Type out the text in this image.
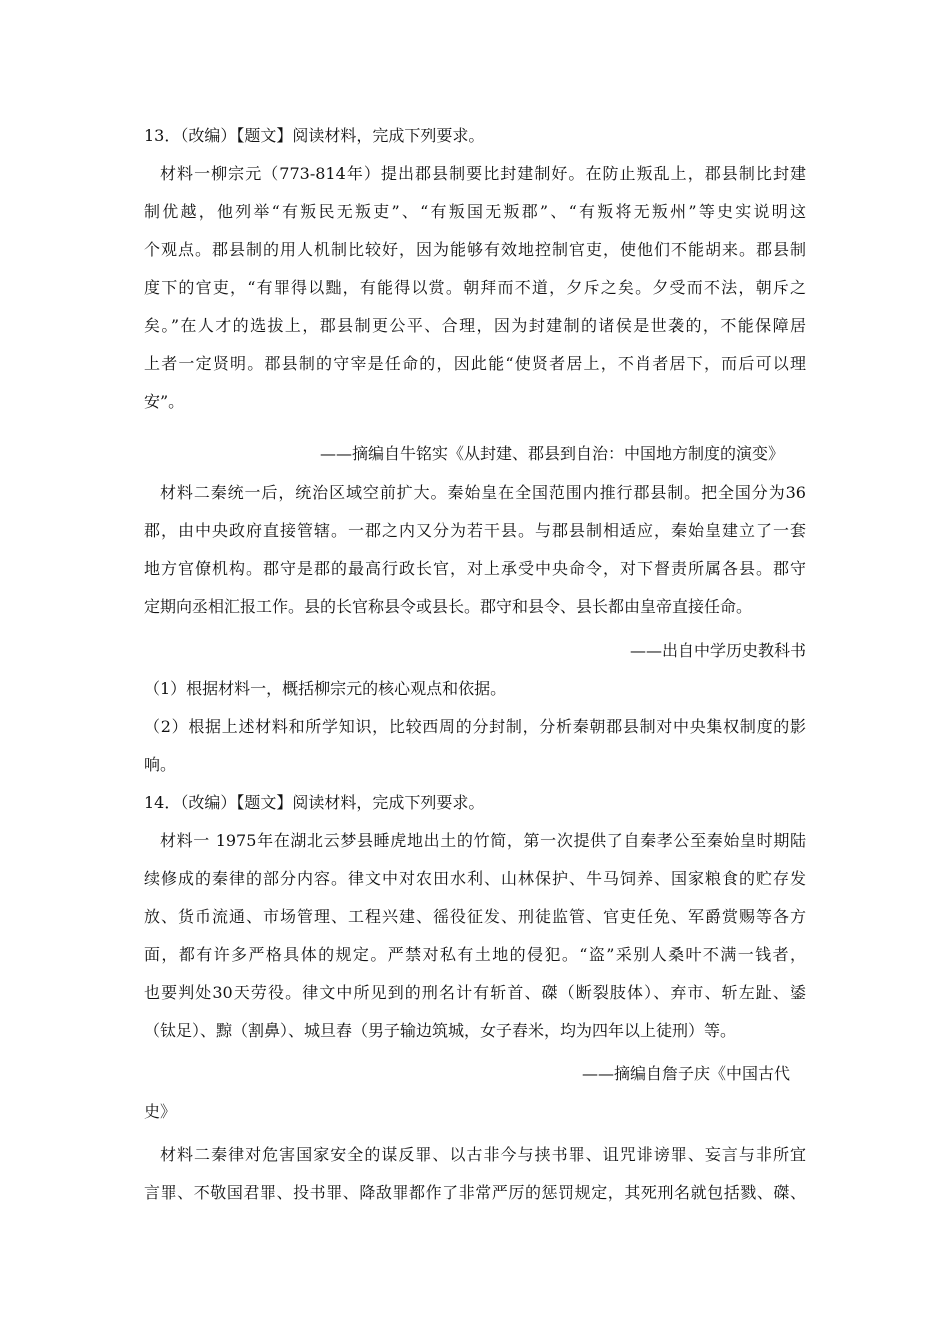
13．（改编）【题文】阅读材料，完成下列要求。
材料一柳宗元（773-814年）提出郡县制要比封建制好。在防止叛乱上，郡县制比封建
制优越，他列举“有叛民无叛吏”、“有叛国无叛郡”、“有叛将无叛州”等史实说明这
个观点。郡县制的用人机制比较好，因为能够有效地控制官吏，使他们不能胡来。郡县制
度下的官吏，“有罪得以黜，有能得以赏。朝拜而不道，夕斥之矣。夕受而不法，朝斥之
矣。”在人才的选拔上，郡县制更公平、合理，因为封建制的诸侯是世袭的，不能保障居
上者一定贤明。郡县制的守宰是任命的，因此能“使贤者居上，不肖者居下，而后可以理
安”。
——摘编自牛铭实《从封建、郡县到自治：中国地方制度的演变》
材料二秦统一后，统治区域空前扩大。秦始皇在全国范围内推行郡县制。把全国分为36
郡，由中央政府直接管辖。一郡之内又分为若干县。与郡县制相适应，秦始皇建立了一套
地方官僚机构。郡守是郡的最高行政长官，对上承受中央命令，对下督责所属各县。郡守
定期向丞相汇报工作。县的长官称县令或县长。郡守和县令、县长都由皇帝直接任命。
——出自中学历史教科书
（1）根据材料一，概括柳宗元的核心观点和依据。
（2）根据上述材料和所学知识，比较西周的分封制，分析秦朝郡县制对中央集权制度的影
响。
14．（改编）【题文】阅读材料，完成下列要求。
材料一 1975年在湖北云梦县睡虎地出土的竹简，第一次提供了自秦孝公至秦始皇时期陆
续修成的秦律的部分内容。律文中对农田水利、山林保护、牛马饲养、国家粮食的贮存发
放、货币流通、市场管理、工程兴建、徭役征发、刑徒监管、官吏任免、军爵赏赐等各方
面，都有许多严格具体的规定。严禁对私有土地的侵犯。“盗”采别人桑叶不满一钱者，
也要判处30天劳役。律文中所见到的刑名计有斩首、磔（断裂肢体）、弃市、斩左趾、鋈
（钛足）、黥（割鼻）、城旦舂（男子输边筑城，女子舂米，均为四年以上徒刑）等。
——摘编自詹子庆《中国古代
史》
材料二秦律对危害国家安全的谋反罪、以古非今与挟书罪、诅咒诽谤罪、妄言与非所宜
言罪、不敬国君罪、投书罪、降敌罪都作了非常严厉的惩罚规定，其死刑名就包括戮、磔、
